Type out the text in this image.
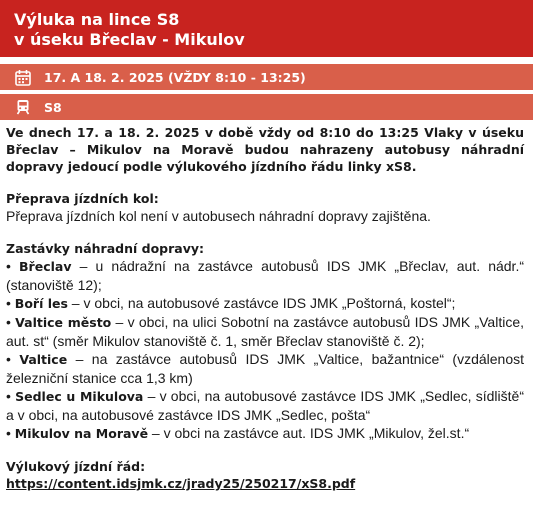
Výluka na lince S8
v úseku Břeclav - Mikulov
17. A 18. 2. 2025 (VŽDY 8:10 - 13:25)
S8
Ve dnech 17. a 18. 2. 2025 v době vždy od 8:10 do 13:25 Vlaky v úseku Břeclav – Mikulov na Moravě budou nahrazeny autobusy náhradní dopravy jedoucí podle výlukového jízdního řádu linky xS8.
Přeprava jízdních kol:
Přeprava jízdních kol není v autobusech náhradní dopravy zajištěna.
Zastávky náhradní dopravy:
• Břeclav – u nádražní na zastávce autobusů IDS JMK „Břeclav, aut. nádr.“ (stanoviště 12);
• Boří les – v obci, na autobusové zastávce IDS JMK „Poštorná, kostel“;
• Valtice město – v obci, na ulici Sobotní na zastávce autobusů IDS JMK „Valtice, aut. st“ (směr Mikulov stanoviště č. 1, směr Břeclav stanoviště č. 2);
• Valtice – na zastávce autobusů IDS JMK „Valtice, bažantnice“ (vzdálenost železniční stanice cca 1,3 km)
• Sedlec u Mikulova – v obci, na autobusové zastávce IDS JMK „Sedlec, sídliště“ a v obci, na autobusové zastávce IDS JMK „Sedlec, pošta“
• Mikulov na Moravě – v obci na zastávce aut. IDS JMK „Mikulov, žel.st.“
Výlukový jízdní řád:
https://content.idsjmk.cz/jrady25/250217/xS8.pdf
